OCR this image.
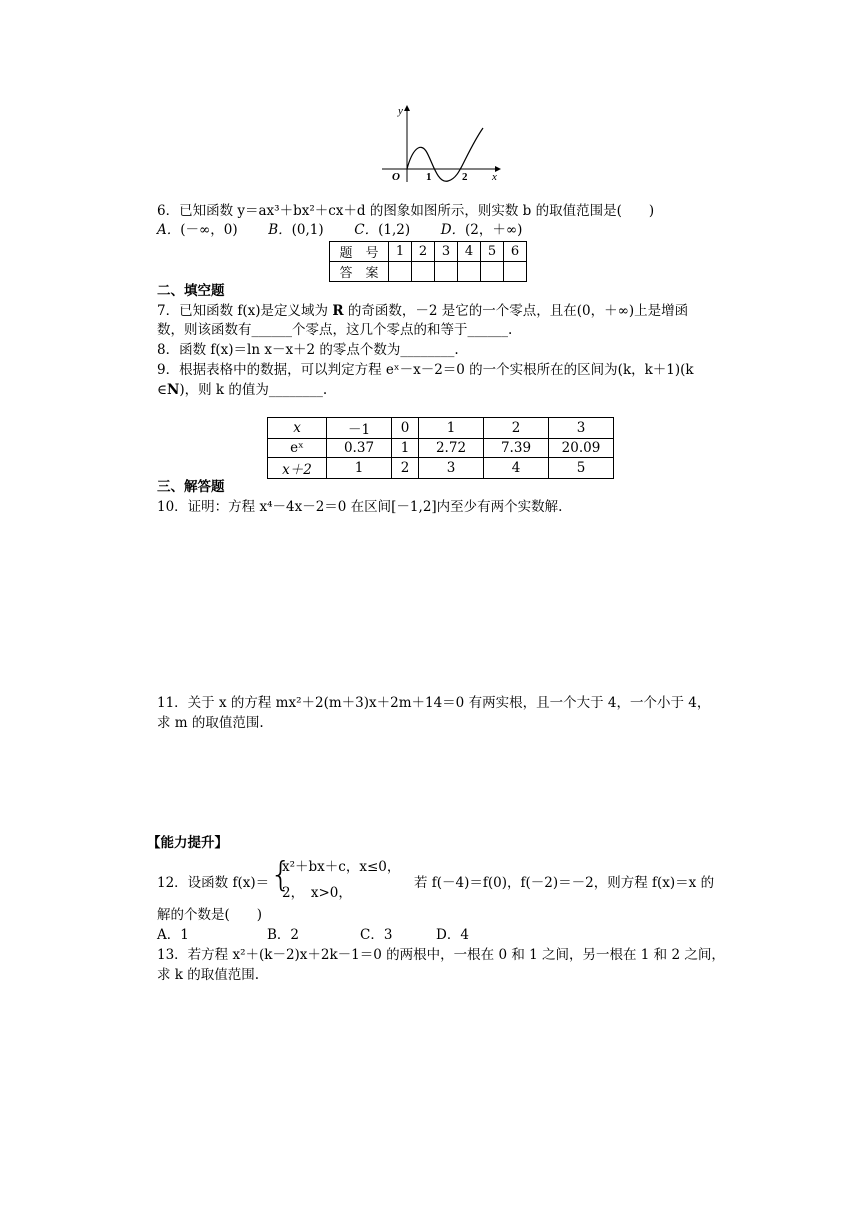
y
x
O 1	2
6．已知函数 y＝ax³＋bx²＋cx＋d 的图象如图所示，则实数 b 的取值范围是(　　)
A．(－∞，0) B．(0,1) C．(1,2) D．(2，＋∞)
题　号	1	2	3	4	5	6
答　案						
二、填空题
7．已知函数 f(x)是定义域为 R 的奇函数，－2 是它的一个零点，且在(0，＋∞)上是增函
数，则该函数有______个零点，这几个零点的和等于______.
8．函数 f(x)＝ln x－x＋2 的零点个数为________.
9．根据表格中的数据，可以判定方程 eˣ－x－2＝0 的一个实根所在的区间为(k，k＋1)(k
∈N)，则 k 的值为________.
x	－1	0	1	2	3
eˣ	0.37	1	2.72	7.39	20.09
x＋2	1	2	3	4	5
三、解答题
10．证明：方程 x⁴－4x－2＝0 在区间[－1,2]内至少有两个实数解.
11．关于 x 的方程 mx²＋2(m＋3)x＋2m＋14＝0 有两实根，且一个大于 4，一个小于 4，
求 m 的取值范围.
【能力提升】
12．设函数 f(x)＝ {
x²＋bx＋c，x≤0，
2，　x>0，
若 f(－4)＝f(0)，f(－2)＝－2，则方程 f(x)＝x 的
解的个数是(　　)
A．1	B．2	C．3	D．4
13．若方程 x²＋(k－2)x＋2k－1＝0 的两根中，一根在 0 和 1 之间，另一根在 1 和 2 之间，
求 k 的取值范围.
